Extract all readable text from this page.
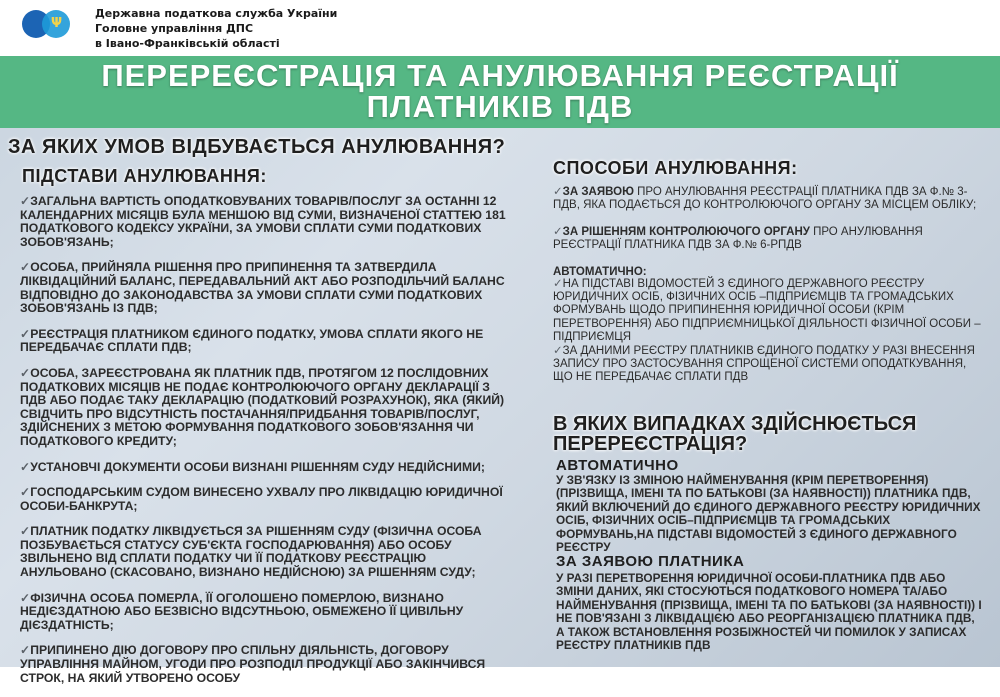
Ψ
Державна податкова служба України
Головне управління ДПС
в Івано-Франківській області
ПЕРЕРЕЄСТРАЦІЯ ТА АНУЛЮВАННЯ РЕЄСТРАЦІЇ
ПЛАТНИКІВ ПДВ
ЗА ЯКИХ УМОВ ВІДБУВАЄТЬСЯ АНУЛЮВАННЯ?
ПІДСТАВИ АНУЛЮВАННЯ:
✓ЗАГАЛЬНА ВАРТІСТЬ ОПОДАТКОВУВАНИХ ТОВАРІВ/ПОСЛУГ ЗА ОСТАННІ 12 КАЛЕНДАРНИХ МІСЯЦІВ БУЛА МЕНШОЮ ВІД СУМИ, ВИЗНАЧЕНОЇ СТАТТЕЮ 181 ПОДАТКОВОГО КОДЕКСУ УКРАЇНИ, ЗА УМОВИ СПЛАТИ СУМИ ПОДАТКОВИХ ЗОБОВ'ЯЗАНЬ;
✓ОСОБА, ПРИЙНЯЛА РІШЕННЯ ПРО ПРИПИНЕННЯ ТА ЗАТВЕРДИЛА ЛІКВІДАЦІЙНИЙ БАЛАНС, ПЕРЕДАВАЛЬНИЙ АКТ АБО РОЗПОДІЛЬЧИЙ БАЛАНС ВІДПОВІДНО ДО ЗАКОНОДАВСТВА ЗА УМОВИ СПЛАТИ СУМИ ПОДАТКОВИХ ЗОБОВ'ЯЗАНЬ ІЗ ПДВ;
✓РЕЄСТРАЦІЯ ПЛАТНИКОМ ЄДИНОГО ПОДАТКУ, УМОВА СПЛАТИ ЯКОГО НЕ ПЕРЕДБАЧАЄ СПЛАТИ ПДВ;
✓ОСОБА, ЗАРЕЄСТРОВАНА ЯК ПЛАТНИК ПДВ, ПРОТЯГОМ 12 ПОСЛІДОВНИХ ПОДАТКОВИХ МІСЯЦІВ НЕ ПОДАЄ КОНТРОЛЮЮЧОГО ОРГАНУ ДЕКЛАРАЦІЇ З ПДВ АБО ПОДАЄ ТАКУ ДЕКЛАРАЦІЮ (ПОДАТКОВИЙ РОЗРАХУНОК), ЯКА (ЯКИЙ) СВІДЧИТЬ ПРО ВІДСУТНІСТЬ ПОСТАЧАННЯ/ПРИДБАННЯ ТОВАРІВ/ПОСЛУГ, ЗДІЙСНЕНИХ З МЕТОЮ ФОРМУВАННЯ ПОДАТКОВОГО ЗОБОВ'ЯЗАННЯ ЧИ ПОДАТКОВОГО КРЕДИТУ;
✓УСТАНОВЧІ ДОКУМЕНТИ ОСОБИ ВИЗНАНІ РІШЕННЯМ СУДУ НЕДІЙСНИМИ;
✓ГОСПОДАРСЬКИМ СУДОМ ВИНЕСЕНО УХВАЛУ ПРО ЛІКВІДАЦІЮ ЮРИДИЧНОЇ ОСОБИ-БАНКРУТА;
✓ПЛАТНИК ПОДАТКУ ЛІКВІДУЄТЬСЯ ЗА РІШЕННЯМ СУДУ (ФІЗИЧНА ОСОБА ПОЗБУВАЄТЬСЯ СТАТУСУ СУБ'ЄКТА ГОСПОДАРЮВАННЯ) АБО ОСОБУ ЗВІЛЬНЕНО ВІД СПЛАТИ ПОДАТКУ ЧИ ЇЇ ПОДАТКОВУ РЕЄСТРАЦІЮ АНУЛЬОВАНО (СКАСОВАНО, ВИЗНАНО НЕДІЙСНОЮ) ЗА РІШЕННЯМ СУДУ;
✓ФІЗИЧНА ОСОБА ПОМЕРЛА, ЇЇ ОГОЛОШЕНО ПОМЕРЛОЮ, ВИЗНАНО НЕДІЄЗДАТНОЮ АБО БЕЗВІСНО ВІДСУТНЬОЮ, ОБМЕЖЕНО ЇЇ ЦИВІЛЬНУ ДІЄЗДАТНІСТЬ;
✓ПРИПИНЕНО ДІЮ ДОГОВОРУ ПРО СПІЛЬНУ ДІЯЛЬНІСТЬ, ДОГОВОРУ УПРАВЛІННЯ МАЙНОМ, УГОДИ ПРО РОЗПОДІЛ ПРОДУКЦІЇ АБО ЗАКІНЧИВСЯ СТРОК, НА ЯКИЙ УТВОРЕНО ОСОБУ
СПОСОБИ АНУЛЮВАННЯ:
✓ЗА ЗАЯВОЮ ПРО АНУЛЮВАННЯ РЕЄСТРАЦІЇ ПЛАТНИКА ПДВ ЗА Ф.№ 3-ПДВ, ЯКА ПОДАЄТЬСЯ ДО КОНТРОЛЮЮЧОГО ОРГАНУ ЗА МІСЦЕМ ОБЛІКУ;
✓ЗА РІШЕННЯМ КОНТРОЛЮЮЧОГО ОРГАНУ ПРО АНУЛЮВАННЯ РЕЄСТРАЦІЇ ПЛАТНИКА ПДВ ЗА Ф.№ 6-РПДВ
АВТОМАТИЧНО:
✓НА ПІДСТАВІ ВІДОМОСТЕЙ З ЄДИНОГО ДЕРЖАВНОГО РЕЄСТРУ ЮРИДИЧНИХ ОСІБ, ФІЗИЧНИХ ОСІБ –ПІДПРИЄМЦІВ ТА ГРОМАДСЬКИХ ФОРМУВАНЬ ЩОДО ПРИПИНЕННЯ ЮРИДИЧНОЇ ОСОБИ (КРІМ ПЕРЕТВОРЕННЯ) АБО ПІДПРИЄМНИЦЬКОЇ ДІЯЛЬНОСТІ ФІЗИЧНОЇ ОСОБИ –ПІДПРИЄМЦЯ
✓ЗА ДАНИМИ РЕЄСТРУ ПЛАТНИКІВ ЄДИНОГО ПОДАТКУ У РАЗІ ВНЕСЕННЯ ЗАПИСУ ПРО ЗАСТОСУВАННЯ СПРОЩЕНОЇ СИСТЕМИ ОПОДАТКУВАННЯ, ЩО НЕ ПЕРЕДБАЧАЄ СПЛАТИ ПДВ
В ЯКИХ ВИПАДКАХ ЗДІЙСНЮЄТЬСЯ ПЕРЕРЕЄСТРАЦІЯ?
АВТОМАТИЧНО
У ЗВ'ЯЗКУ ІЗ ЗМІНОЮ НАЙМЕНУВАННЯ (КРІМ ПЕРЕТВОРЕННЯ) (ПРІЗВИЩА, ІМЕНІ ТА ПО БАТЬКОВІ (ЗА НАЯВНОСТІ)) ПЛАТНИКА ПДВ, ЯКИЙ ВКЛЮЧЕНИЙ ДО ЄДИНОГО ДЕРЖАВНОГО РЕЄСТРУ ЮРИДИЧНИХ ОСІБ, ФІЗИЧНИХ ОСІБ–ПІДПРИЄМЦІВ ТА ГРОМАДСЬКИХ ФОРМУВАНЬ,НА ПІДСТАВІ ВІДОМОСТЕЙ З ЄДИНОГО ДЕРЖАВНОГО РЕЄСТРУ
ЗА ЗАЯВОЮ ПЛАТНИКА
У РАЗІ ПЕРЕТВОРЕННЯ ЮРИДИЧНОЇ ОСОБИ-ПЛАТНИКА ПДВ АБО ЗМІНИ ДАНИХ, ЯКІ СТОСУЮТЬСЯ ПОДАТКОВОГО НОМЕРА ТА/АБО НАЙМЕНУВАННЯ (ПРІЗВИЩА, ІМЕНІ ТА ПО БАТЬКОВІ (ЗА НАЯВНОСТІ)) І НЕ ПОВ'ЯЗАНІ З ЛІКВІДАЦІЄЮ АБО РЕОРГАНІЗАЦІЄЮ ПЛАТНИКА ПДВ, А ТАКОЖ ВСТАНОВЛЕННЯ РОЗБІЖНОСТЕЙ ЧИ ПОМИЛОК У ЗАПИСАХ РЕЄСТРУ ПЛАТНИКІВ ПДВ
